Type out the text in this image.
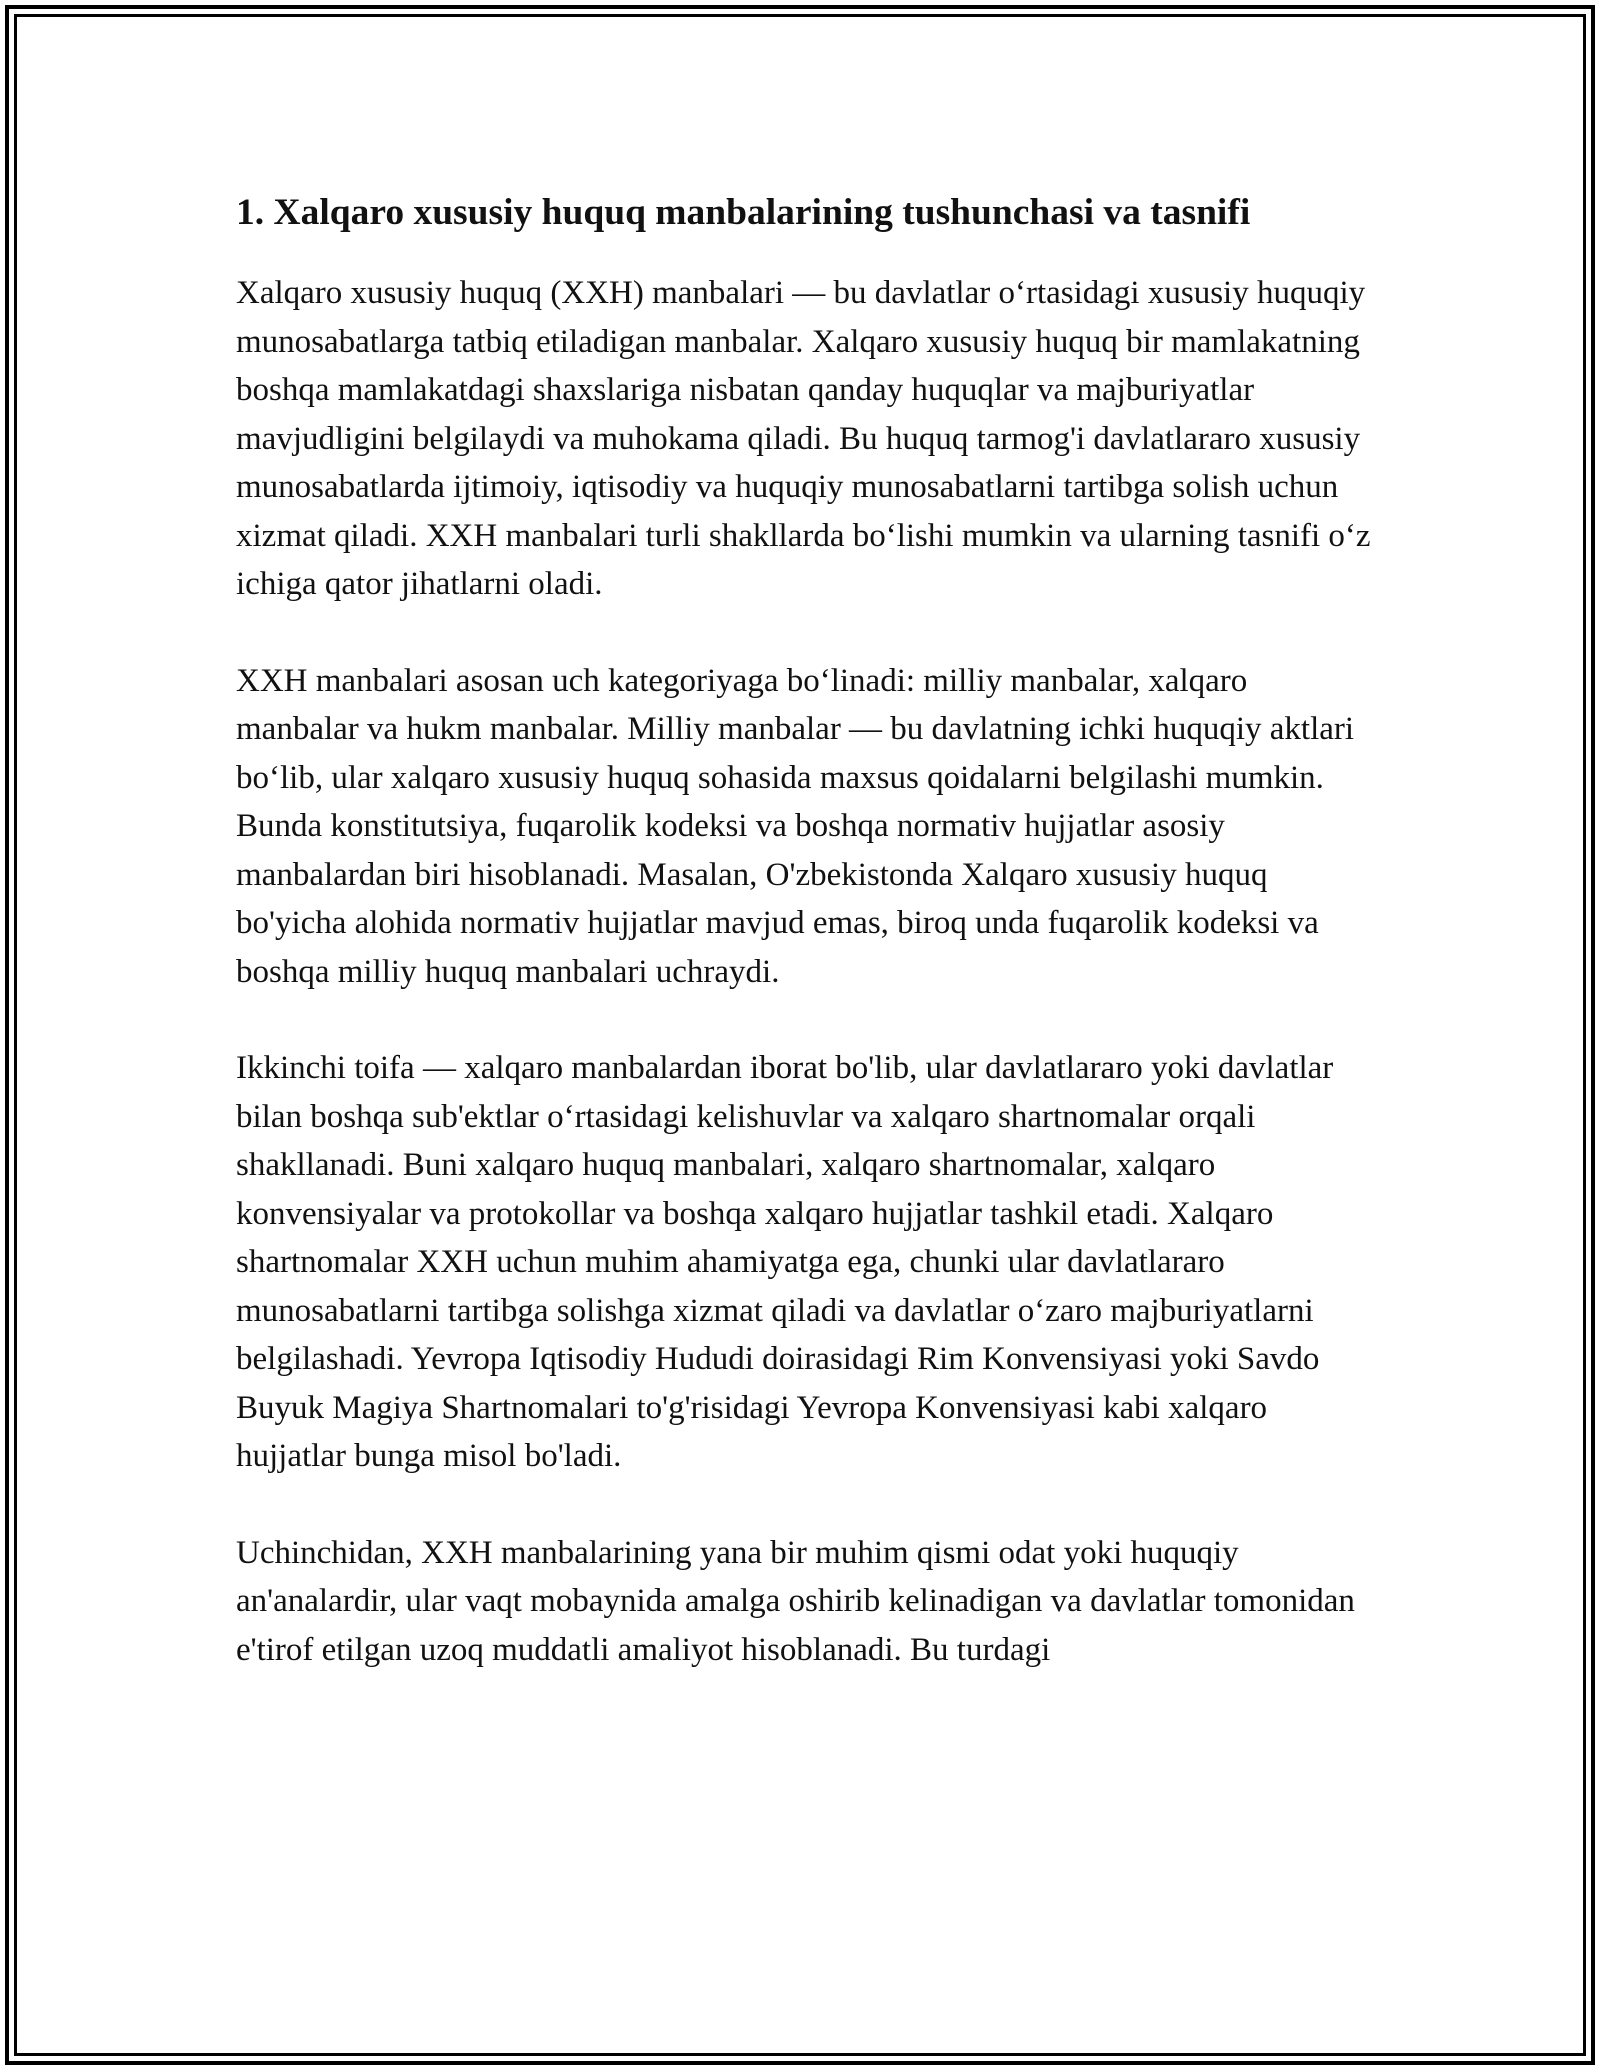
1. Xalqaro xususiy huquq manbalarining tushunchasi va tasnifi

Xalqaro xususiy huquq (XXH) manbalari — bu davlatlar o‘rtasidagi xususiy huquqiy munosabatlarga tatbiq etiladigan manbalar. Xalqaro xususiy huquq bir mamlakatning boshqa mamlakatdagi shaxslariga nisbatan qanday huquqlar va majburiyatlar mavjudligini belgilaydi va muhokama qiladi. Bu huquq tarmog'i davlatlararo xususiy munosabatlarda ijtimoiy, iqtisodiy va huquqiy munosabatlarni tartibga solish uchun xizmat qiladi. XXH manbalari turli shakllarda bo‘lishi mumkin va ularning tasnifi o‘z ichiga qator jihatlarni oladi.

XXH manbalari asosan uch kategoriyaga bo‘linadi: milliy manbalar, xalqaro manbalar va hukm manbalar. Milliy manbalar — bu davlatning ichki huquqiy aktlari bo‘lib, ular xalqaro xususiy huquq sohasida maxsus qoidalarni belgilashi mumkin. Bunda konstitutsiya, fuqarolik kodeksi va boshqa normativ hujjatlar asosiy manbalardan biri hisoblanadi. Masalan, O'zbekistonda Xalqaro xususiy huquq bo'yicha alohida normativ hujjatlar mavjud emas, biroq unda fuqarolik kodeksi va boshqa milliy huquq manbalari uchraydi.

Ikkinchi toifa — xalqaro manbalardan iborat bo'lib, ular davlatlararo yoki davlatlar bilan boshqa sub'ektlar o‘rtasidagi kelishuvlar va xalqaro shartnomalar orqali shakllanadi. Buni xalqaro huquq manbalari, xalqaro shartnomalar, xalqaro konvensiyalar va protokollar va boshqa xalqaro hujjatlar tashkil etadi. Xalqaro shartnomalar XXH uchun muhim ahamiyatga ega, chunki ular davlatlararo munosabatlarni tartibga solishga xizmat qiladi va davlatlar o‘zaro majburiyatlarni belgilashadi. Yevropa Iqtisodiy Hududi doirasidagi Rim Konvensiyasi yoki Savdo Buyuk Magiya Shartnomalari to'g'risidagi Yevropa Konvensiyasi kabi xalqaro hujjatlar bunga misol bo'ladi.

Uchinchidan, XXH manbalarining yana bir muhim qismi odat yoki huquqiy an'analardir, ular vaqt mobaynida amalga oshirib kelinadigan va davlatlar tomonidan e'tirof etilgan uzoq muddatli amaliyot hisoblanadi. Bu turdagi
